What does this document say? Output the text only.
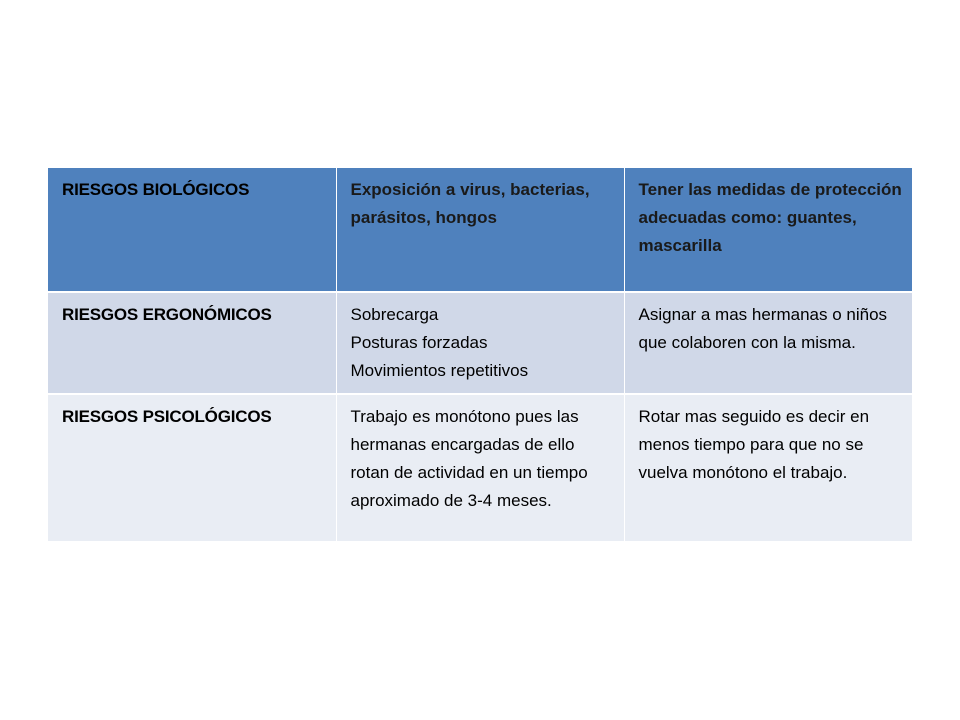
RIESGOS BIOLÓGICOS	Exposición a virus, bacterias, parásitos, hongos	Tener las medidas de protección adecuadas como: guantes, mascarilla
RIESGOS ERGONÓMICOS	Sobrecarga
Posturas forzadas
Movimientos repetitivos	Asignar a mas hermanas o niños que colaboren con la misma.
RIESGOS PSICOLÓGICOS	Trabajo es monótono pues las hermanas encargadas de ello rotan de actividad en un tiempo aproximado de 3-4 meses.	Rotar mas seguido es decir en menos tiempo para que no se vuelva monótono el trabajo.
